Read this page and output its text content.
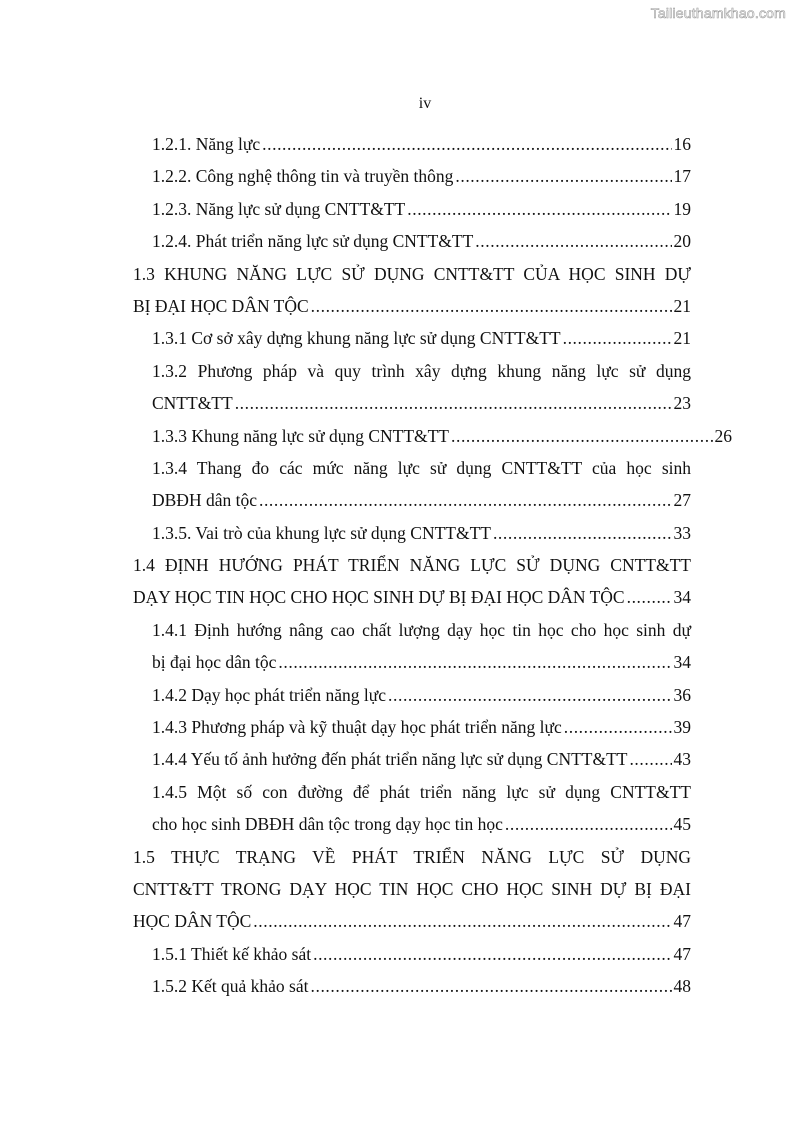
Tailieuthamkhao.com
iv
1.2.1. Năng lực .....	16
1.2.2. Công nghệ thông tin và truyền thông .....	17
1.2.3. Năng lực sử dụng CNTT&TT .....	19
1.2.4. Phát triển năng lực sử dụng CNTT&TT .....	20
1.3 KHUNG NĂNG LỰC SỬ DỤNG CNTT&TT CỦA HỌC SINH DỰ
BỊ ĐẠI HỌC DÂN TỘC .....	21
1.3.1 Cơ sở xây dựng khung năng lực sử dụng CNTT&TT .....	21
1.3.2 Phương pháp và quy trình xây dựng khung năng lực sử dụng
CNTT&TT .....	23
1.3.3 Khung năng lực sử dụng CNTT&TT .....	26
1.3.4 Thang đo các mức năng lực sử dụng CNTT&TT của học sinh
DBĐH dân tộc .....	27
1.3.5. Vai trò của khung lực sử dụng CNTT&TT .....	33
1.4 ĐỊNH HƯỚNG PHÁT TRIỂN NĂNG LỰC SỬ DỤNG CNTT&TT
DẠY HỌC TIN HỌC CHO HỌC SINH DỰ BỊ ĐẠI HỌC DÂN TỘC .....	34
1.4.1 Định hướng nâng cao chất lượng dạy học tin học cho học sinh dự
bị đại học dân tộc .....	34
1.4.2 Dạy học phát triển năng lực .....	36
1.4.3 Phương pháp và kỹ thuật dạy học phát triển năng lực .....	39
1.4.4 Yếu tố ảnh hưởng đến phát triển năng lực sử dụng CNTT&TT .....	43
1.4.5 Một số con đường để phát triển năng lực sử dụng CNTT&TT
cho học sinh DBĐH dân tộc trong dạy học tin học .....	45
1.5 THỰC TRẠNG VỀ PHÁT TRIỂN NĂNG LỰC SỬ DỤNG
CNTT&TT TRONG DẠY HỌC TIN HỌC CHO HỌC SINH DỰ BỊ ĐẠI
HỌC DÂN TỘC .....	47
1.5.1 Thiết kế khảo sát .....	47
1.5.2 Kết quả khảo sát .....	48
